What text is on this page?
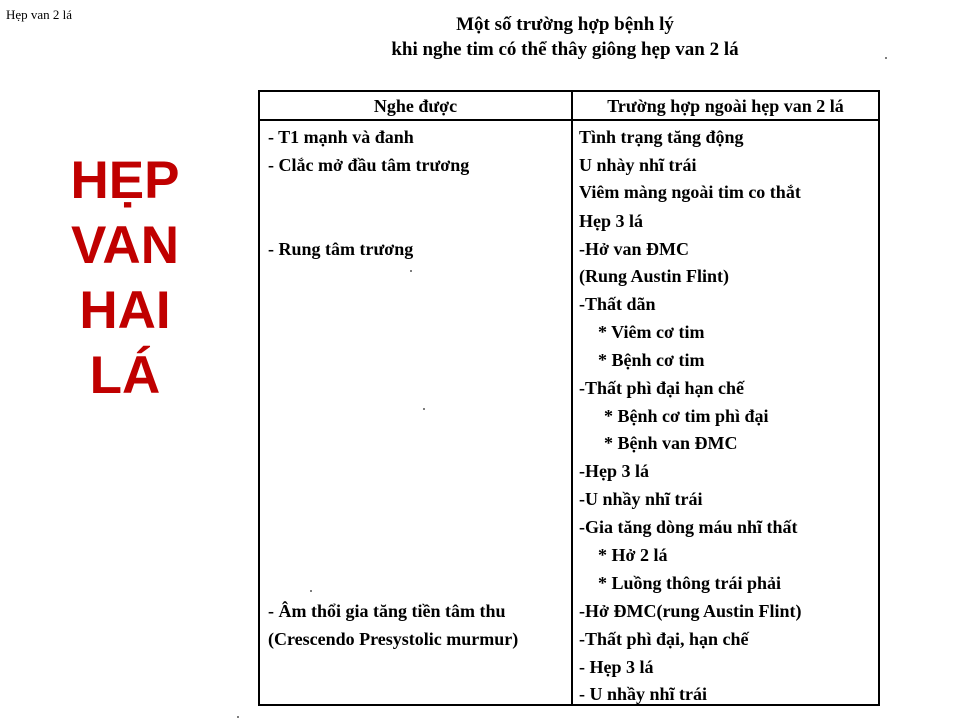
Hẹp van 2 lá	Một số trường hợp bệnh lý
khi nghe tim có thể thây giông hẹp van 2 lá
HẸP
VAN
HAI
LÁ
Nghe được	Trường hợp ngoài hẹp van 2 lá
- T1 mạnh và đanh
- Clắc mở đầu tâm trương
- Rung tâm trương
- Âm thổi gia tăng tiền tâm thu
(Crescendo Presystolic murmur)
Tình trạng tăng động
U nhày nhĩ trái
Viêm màng ngoài tim co thắt
Hẹp 3 lá
-Hở van ĐMC
(Rung Austin Flint)
-Thất dãn
* Viêm cơ tim
* Bệnh cơ tim
-Thất phì đại hạn chế
* Bệnh cơ tim phì đại
* Bệnh van ĐMC
-Hẹp 3 lá
-U nhầy nhĩ trái
-Gia tăng dòng máu nhĩ thất
* Hở 2 lá
* Luồng thông trái phải
-Hở ĐMC(rung Austin Flint)
-Thất phì đại, hạn chế
- Hẹp 3 lá
- U nhầy nhĩ trái
